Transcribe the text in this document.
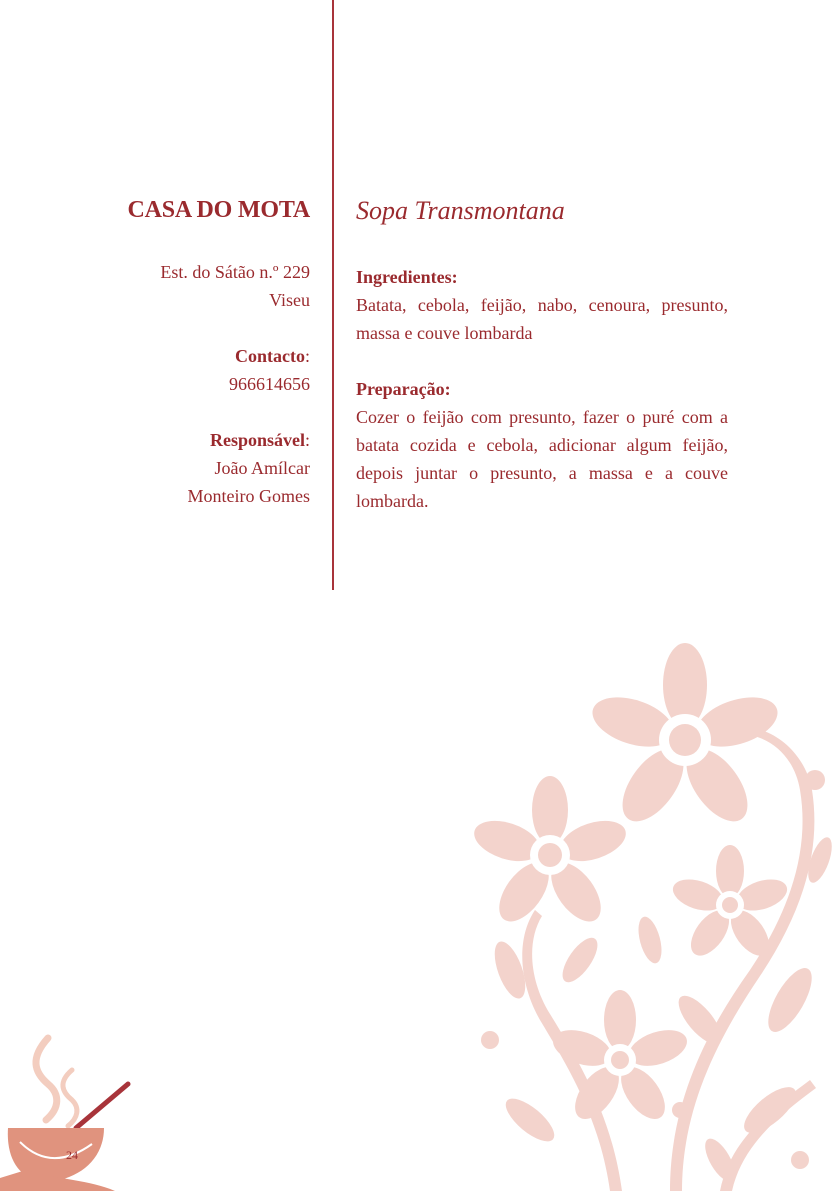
CASA DO MOTA
Est. do Sátão n.º 229
Viseu
Contacto:
966614656
Responsável:
João Amílcar
Monteiro Gomes
Sopa Transmontana
Ingredientes:
Batata, cebola, feijão, nabo, cenoura, presunto, massa e couve lombarda
Preparação:
Cozer o feijão com presunto, fazer o puré com a batata cozida e cebola, adicionar algum feijão, depois juntar o presunto, a massa e a couve lombarda.
24
